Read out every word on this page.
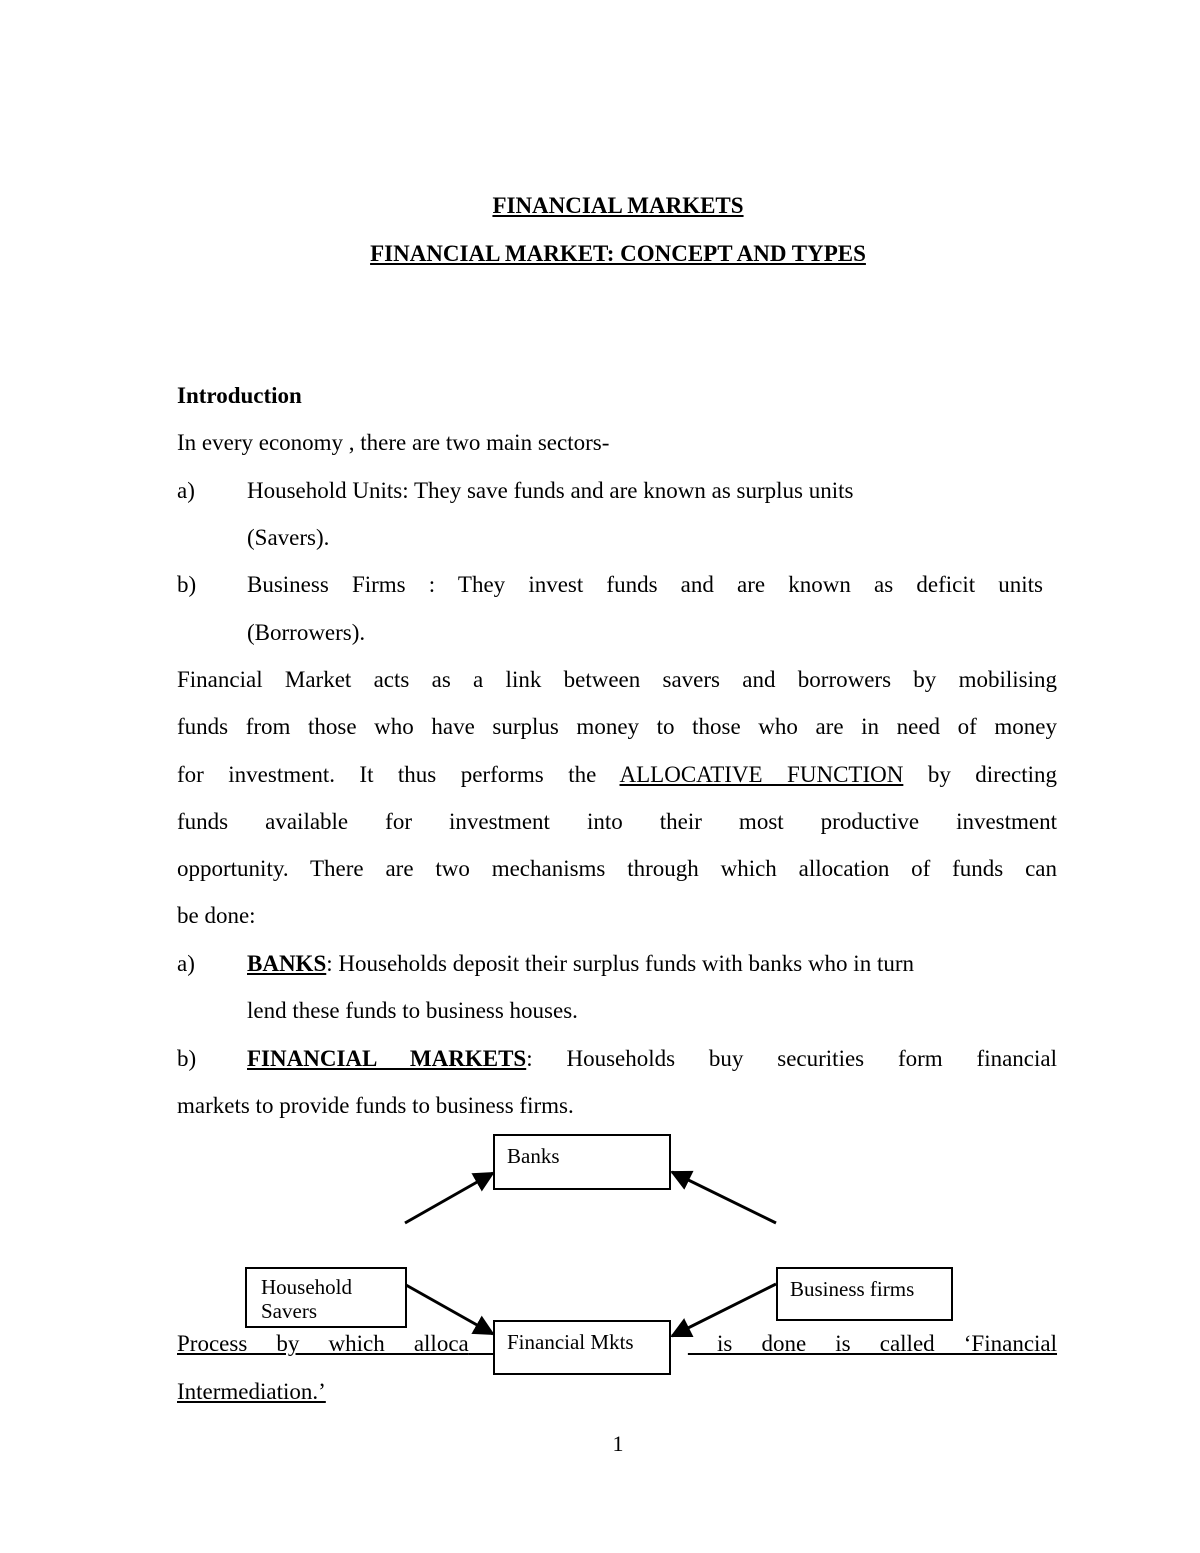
FINANCIAL MARKETS
FINANCIAL MARKET: CONCEPT AND TYPES
Introduction
In every economy , there are two main sectors-
a) Household Units: They save funds and are known as surplus units
(Savers).
b) Business Firms : They invest funds and are known as deficit units
(Borrowers).
Financial Market acts as a link between savers and borrowers by mobilising
funds from those who have surplus money to those who are in need of money
for investment. It thus performs the ALLOCATIVE FUNCTION by directing
funds available for investment into their most productive investment
opportunity. There are two mechanisms through which allocation of funds can
be done:
a) BANKS: Households deposit their surplus funds with banks who in turn
lend these funds to business houses.
b) FINANCIAL MARKETS: Households buy securities form financial
markets to provide funds to business firms.
Process by which alloca	is done is called ‘Financial
Intermediation.’
Banks
Household
Savers
Business firms
Financial Mkts
1
